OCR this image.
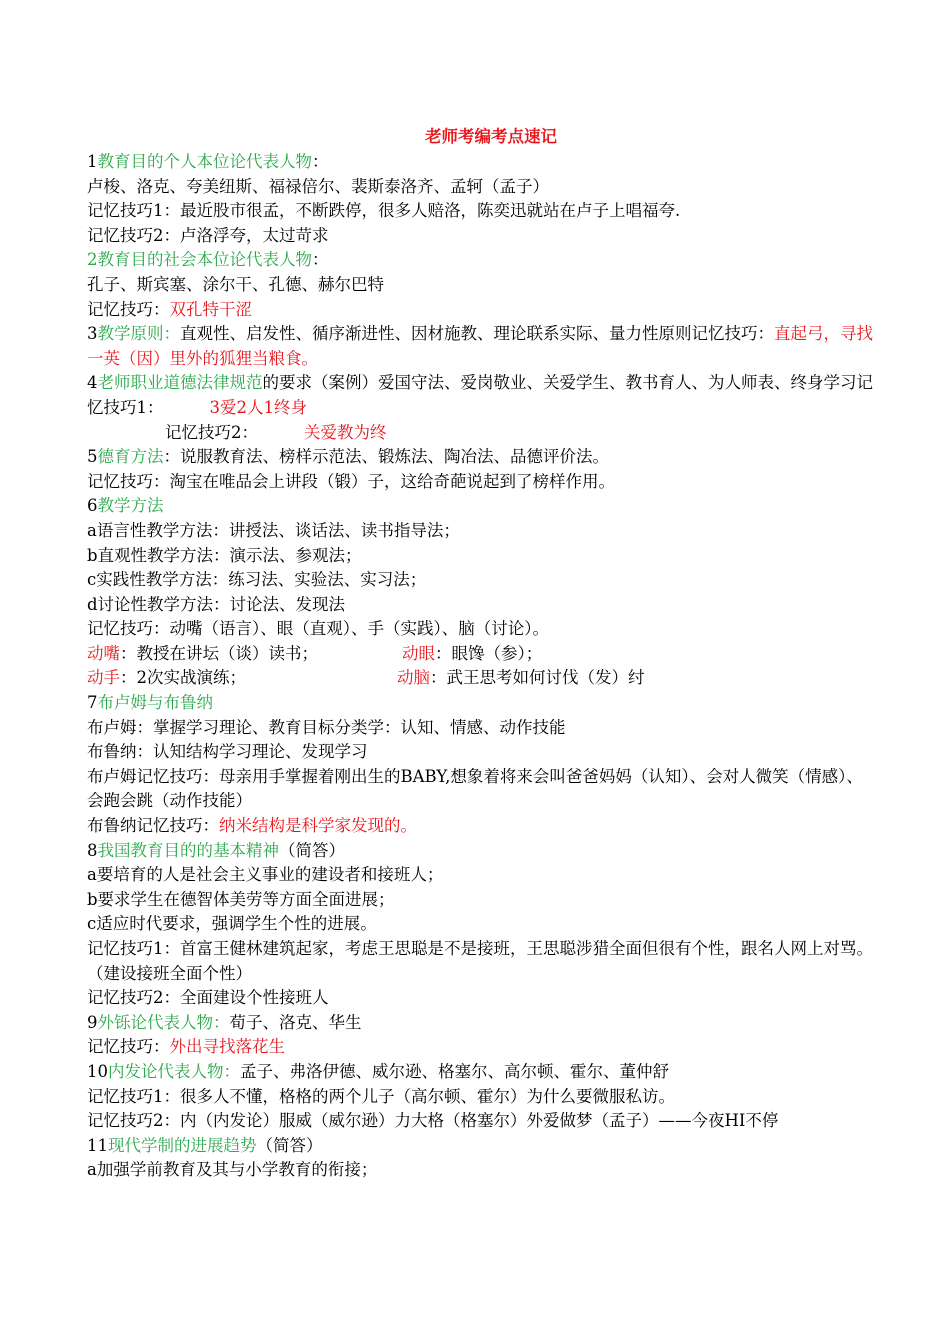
老师考编考点速记
1教育目的个人本位论代表人物：
卢梭、洛克、夸美纽斯、福禄倍尔、裴斯泰洛齐、孟轲（孟子）
记忆技巧1：最近股市很孟，不断跌停，很多人赔洛，陈奕迅就站在卢子上唱福夸.
记忆技巧2：卢洛浮夸，太过苛求
2教育目的社会本位论代表人物：
孔子、斯宾塞、涂尔干、孔德、赫尔巴特
记忆技巧：双孔特干涩
3教学原则：直观性、启发性、循序渐进性、因材施教、理论联系实际、量力性原则记忆技巧：直起弓，寻找一英（因）里外的狐狸当粮食。
4老师职业道德法律规范的要求（案例）爱国守法、爱岗敬业、关爱学生、教书育人、为人师表、终身学习记忆技巧1：	3爱2人1终身
记忆技巧2：	关爱教为终
5德育方法：说服教育法、榜样示范法、锻炼法、陶冶法、品德评价法。
记忆技巧：淘宝在唯品会上讲段（锻）子，这给奇葩说起到了榜样作用。
6教学方法
a语言性教学方法：讲授法、谈话法、读书指导法；
b直观性教学方法：演示法、参观法；
c实践性教学方法：练习法、实验法、实习法；
d讨论性教学方法：讨论法、发现法
记忆技巧：动嘴（语言）、眼（直观）、手（实践）、脑（讨论）。
动嘴：教授在讲坛（谈）读书；	动眼：眼馋（参）；
动手：2次实战演练；	动脑：武王思考如何讨伐（发）纣
7布卢姆与布鲁纳
布卢姆：掌握学习理论、教育目标分类学：认知、情感、动作技能
布鲁纳：认知结构学习理论、发现学习
布卢姆记忆技巧：母亲用手掌握着刚出生的BABY,想象着将来会叫爸爸妈妈（认知）、会对人微笑（情感）、会跑会跳（动作技能）
布鲁纳记忆技巧：纳米结构是科学家发现的。
8我国教育目的的基本精神（简答）
a要培育的人是社会主义事业的建设者和接班人；
b要求学生在德智体美劳等方面全面进展；
c适应时代要求，强调学生个性的进展。
记忆技巧1：首富王健林建筑起家，考虑王思聪是不是接班，王思聪涉猎全面但很有个性，跟名人网上对骂。（建设接班全面个性）
记忆技巧2：全面建设个性接班人
9外铄论代表人物：荀子、洛克、华生
记忆技巧：外出寻找落花生
10内发论代表人物：孟子、弗洛伊德、威尔逊、格塞尔、高尔顿、霍尔、董仲舒
记忆技巧1：很多人不懂，格格的两个儿子（高尔顿、霍尔）为什么要微服私访。
记忆技巧2：内（内发论）服威（威尔逊）力大格（格塞尔）外爱做梦（孟子）——今夜HI不停
11现代学制的进展趋势（简答）
a加强学前教育及其与小学教育的衔接；
